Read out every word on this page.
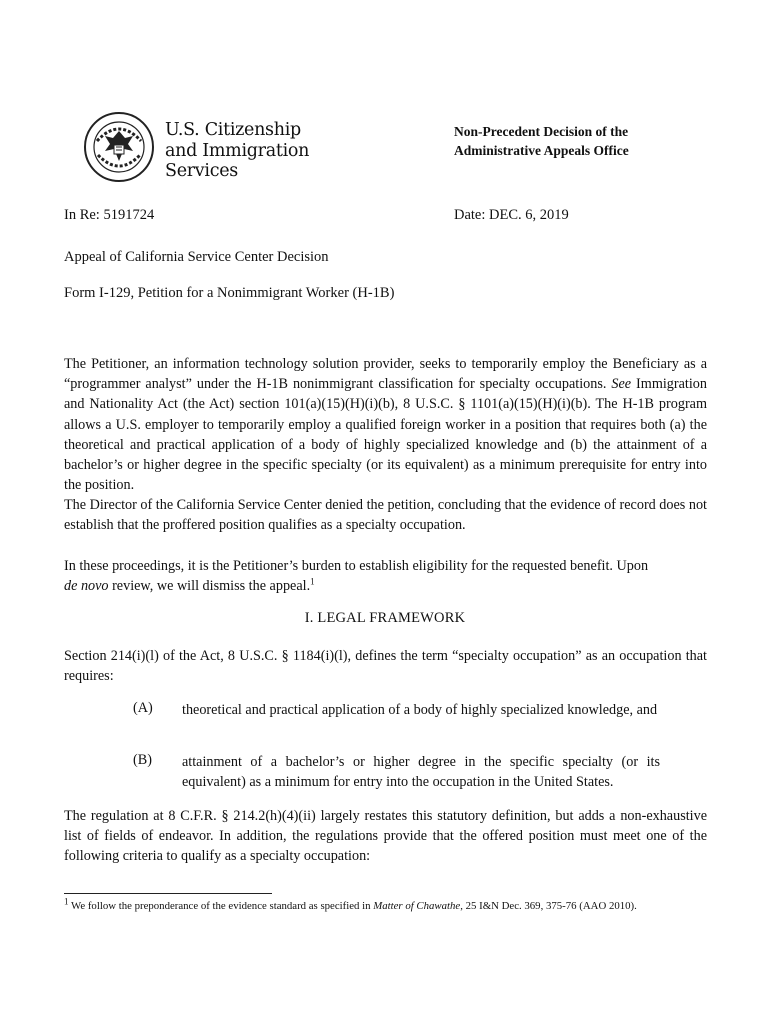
U.S. Citizenship
and Immigration
Services
Non-Precedent Decision of the
Administrative Appeals Office
In Re: 5191724	Date: DEC. 6, 2019
Appeal of California Service Center Decision
Form I-129, Petition for a Nonimmigrant Worker (H-1B)
The Petitioner, an information technology solution provider, seeks to temporarily employ the Beneficiary as a “programmer analyst” under the H-1B nonimmigrant classification for specialty occupations. See Immigration and Nationality Act (the Act) section 101(a)(15)(H)(i)(b), 8 U.S.C. § 1101(a)(15)(H)(i)(b). The H-1B program allows a U.S. employer to temporarily employ a qualified foreign worker in a position that requires both (a) the theoretical and practical application of a body of highly specialized knowledge and (b) the attainment of a bachelor’s or higher degree in the specific specialty (or its equivalent) as a minimum prerequisite for entry into the position.
The Director of the California Service Center denied the petition, concluding that the evidence of record does not establish that the proffered position qualifies as a specialty occupation.
In these proceedings, it is the Petitioner’s burden to establish eligibility for the requested benefit. Upon
de novo review, we will dismiss the appeal.$^1$
I. LEGAL FRAMEWORK
Section 214(i)(l) of the Act, 8 U.S.C. § 1184(i)(l), defines the term “specialty occupation” as an occupation that requires:
(A) theoretical and practical application of a body of highly specialized knowledge, and
(B) attainment of a bachelor’s or higher degree in the specific specialty (or its equivalent) as a minimum for entry into the occupation in the United States.
The regulation at 8 C.F.R. § 214.2(h)(4)(ii) largely restates this statutory definition, but adds a non-exhaustive list of fields of endeavor. In addition, the regulations provide that the offered position must meet one of the following criteria to qualify as a specialty occupation:
$^1$ We follow the preponderance of the evidence standard as specified in Matter of Chawathe, 25 I&N Dec. 369, 375-76 (AAO 2010).
